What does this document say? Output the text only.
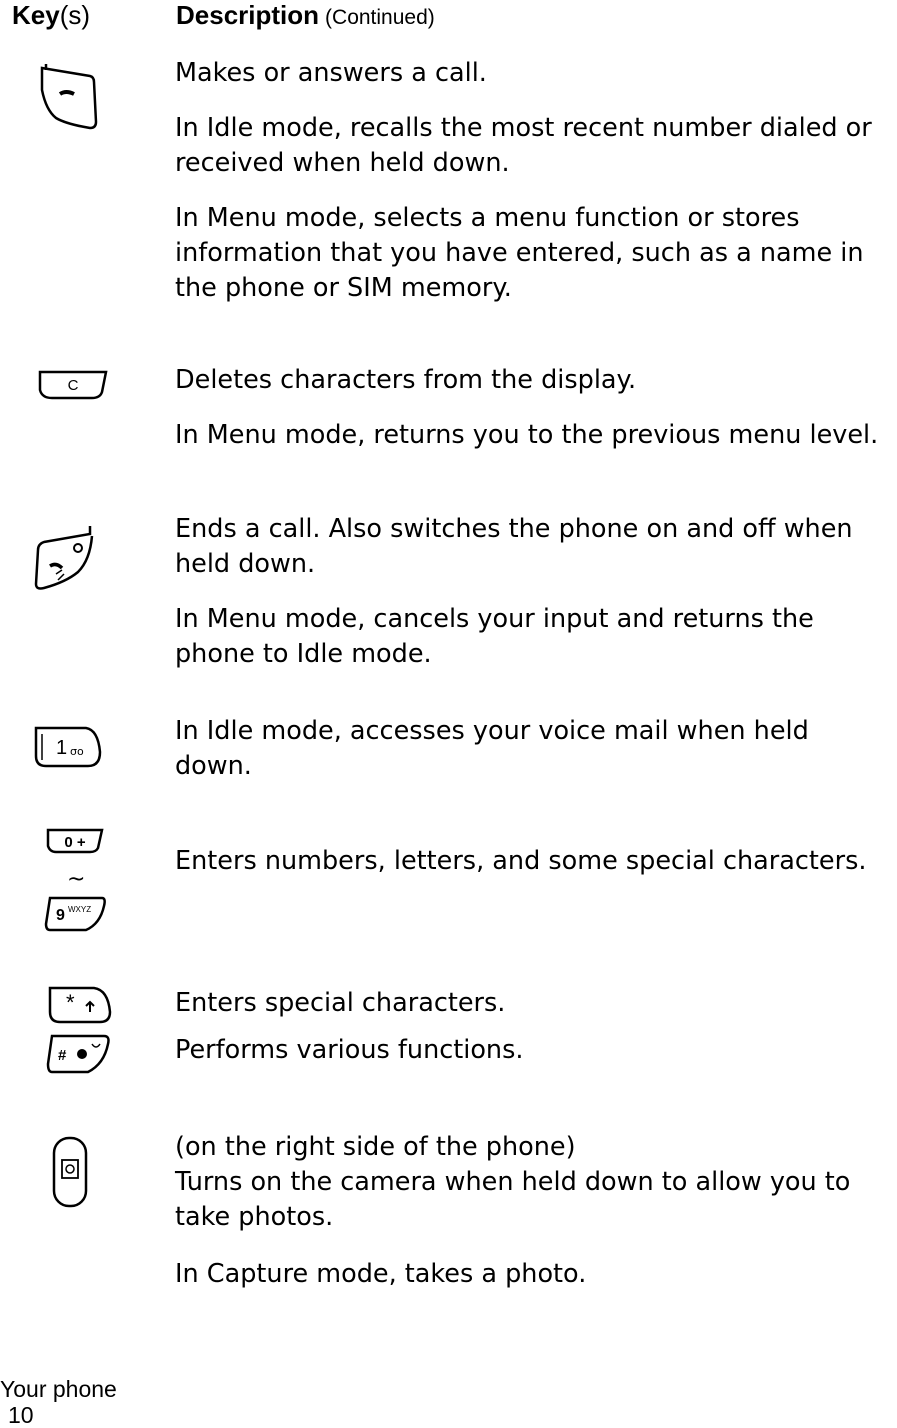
Key(s)	Description (Continued)
Makes or answers a call.
In Idle mode, recalls the most recent number dialed or received when held down.
In Menu mode, selects a menu function or stores information that you have entered, such as a name in the phone or SIM memory.
C	Deletes characters from the display.
In Menu mode, returns you to the previous menu level.
Ends a call. Also switches the phone on and off when held down.
In Menu mode, cancels your input and returns the phone to Idle mode.
1 σο
In Idle mode, accesses your voice mail when held down.
0 +
~
9 WXYZ
Enters numbers, letters, and some special characters.
*
#
Enters special characters.
Performs various functions.
(on the right side of the phone)
Turns on the camera when held down to allow you to take photos.
In Capture mode, takes a photo.
Your phone
10
